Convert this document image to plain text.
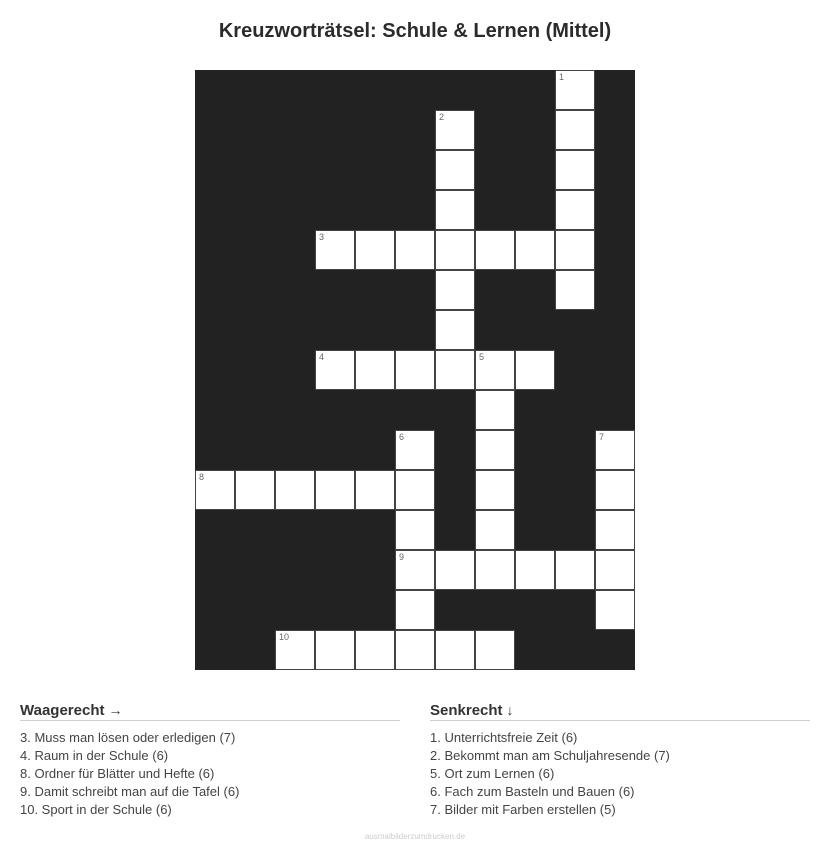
Kreuzworträtsel: Schule & Lernen (Mittel)
1
2
3
4	5
6
9
7
8
10
Waagerecht →
3. Muss man lösen oder erledigen (7)
4. Raum in der Schule (6)
8. Ordner für Blätter und Hefte (6)
9. Damit schreibt man auf die Tafel (6)
10. Sport in der Schule (6)
Senkrecht ↓
1. Unterrichtsfreie Zeit (6)
2. Bekommt man am Schuljahresende (7)
5. Ort zum Lernen (6)
6. Fach zum Basteln und Bauen (6)
7. Bilder mit Farben erstellen (5)
ausmalbilderzumdrucken.de
